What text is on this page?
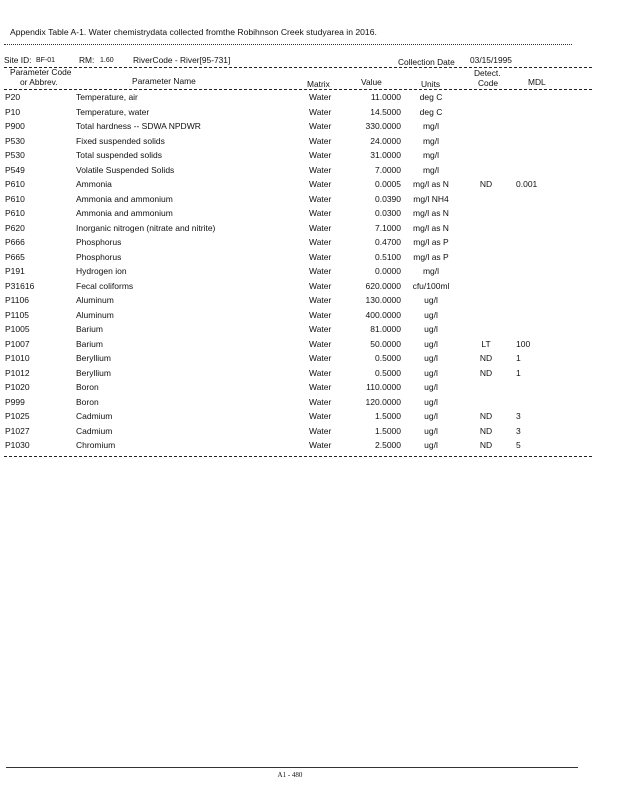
Appendix Table A-1. Water chemistrydata collected fromthe Robihnson Creek studyarea in 2016.
Site ID: BF-01	RM: 1.60 RiverCode - River[95-731]	Collection Date 03/15/1995
Parameter Code
or Abbrev.	Parameter Name	Matrix	Value	Units
Detect.
Code	MDL
P20	Temperature, air	Water	11.0000	deg C
P10	Temperature, water	Water	14.5000	deg C
P900	Total hardness -- SDWA NPDWR	Water	330.0000	mg/l
P530	Fixed suspended solids	Water	24.0000	mg/l
P530	Total suspended solids	Water	31.0000	mg/l
P549	Volatile Suspended Solids	Water	7.0000	mg/l
P610	Ammonia	Water	0.0005	mg/l as N	ND	0.001
P610	Ammonia and ammonium	Water	0.0390	mg/l NH4
P610	Ammonia and ammonium	Water	0.0300	mg/l as N
P620	Inorganic nitrogen (nitrate and nitrite)	Water	7.1000	mg/l as N
P666	Phosphorus	Water	0.4700	mg/l as P
P665	Phosphorus	Water	0.5100	mg/l as P
P191	Hydrogen ion	Water	0.0000	mg/l
P31616	Fecal coliforms	Water	620.0000	cfu/100ml
P1106	Aluminum	Water	130.0000	ug/l
P1105	Aluminum	Water	400.0000	ug/l
P1005	Barium	Water	81.0000	ug/l
P1007	Barium	Water	50.0000	ug/l	LT	100
P1010	Beryllium	Water	0.5000	ug/l	ND	1
P1012	Beryllium	Water	0.5000	ug/l	ND	1
P1020	Boron	Water	110.0000	ug/l
P999	Boron	Water	120.0000	ug/l
P1025	Cadmium	Water	1.5000	ug/l	ND	3
P1027	Cadmium	Water	1.5000	ug/l	ND	3
P1030	Chromium	Water	2.5000	ug/l	ND	5
A1 - 480
